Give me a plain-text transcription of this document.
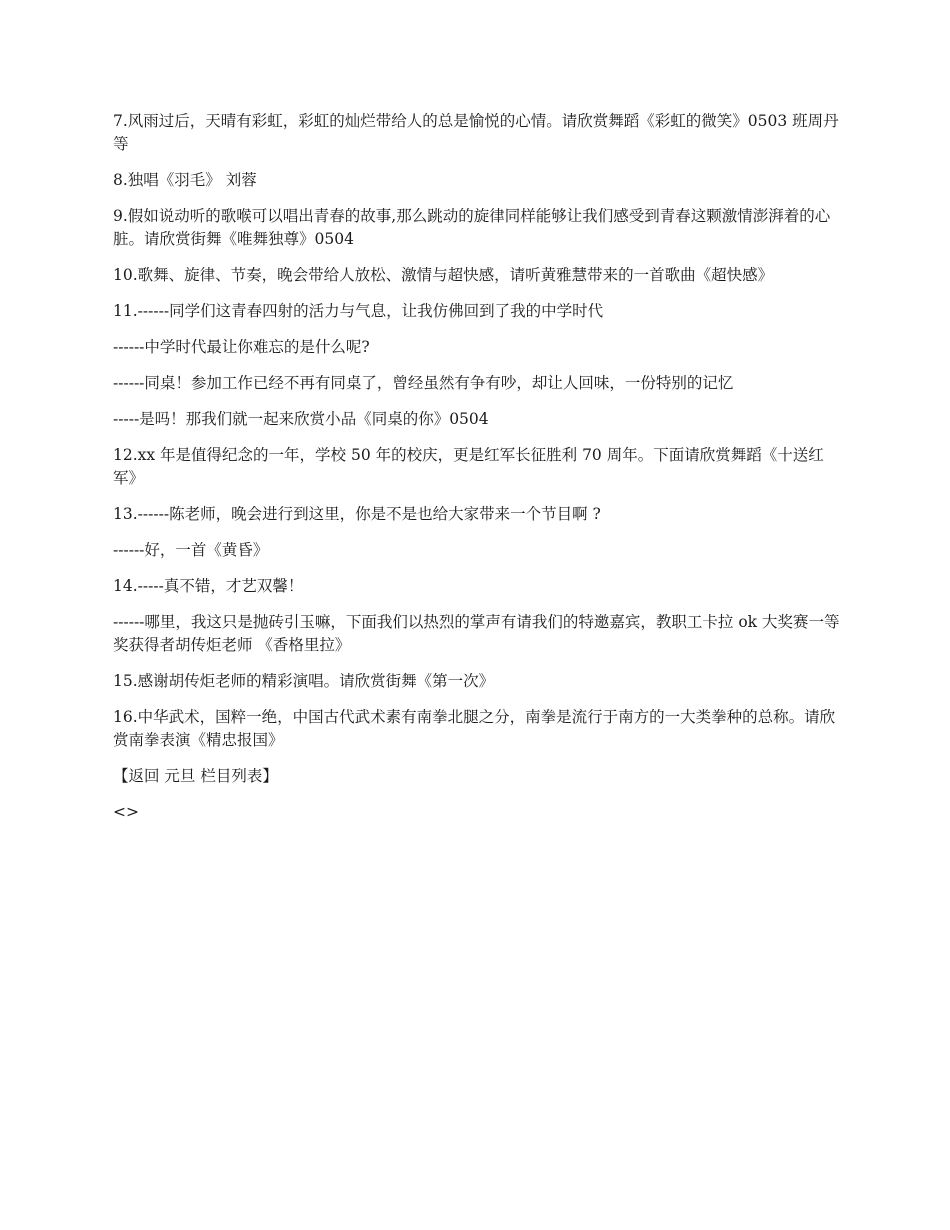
7.风雨过后，天晴有彩虹，彩虹的灿烂带给人的总是愉悦的心情。请欣赏舞蹈《彩虹的微笑》0503 班周丹等

8.独唱《羽毛》 刘蓉

9.假如说动听的歌喉可以唱出青春的故事,那么跳动的旋律同样能够让我们感受到青春这颗激情澎湃着的心脏。请欣赏街舞《唯舞独尊》0504

10.歌舞、旋律、节奏，晚会带给人放松、激情与超快感，请听黄雅慧带来的一首歌曲《超快感》

11.------同学们这青春四射的活力与气息，让我仿佛回到了我的中学时代

------中学时代最让你难忘的是什么呢?

------同桌！参加工作已经不再有同桌了，曾经虽然有争有吵，却让人回味，一份特别的记忆

-----是吗！那我们就一起来欣赏小品《同桌的你》0504

12.xx 年是值得纪念的一年，学校 50 年的校庆，更是红军长征胜利 70 周年。下面请欣赏舞蹈《十送红军》

13.------陈老师，晚会进行到这里，你是不是也给大家带来一个节目啊 ?

------好，一首《黄昏》

14.-----真不错，才艺双馨！

------哪里，我这只是抛砖引玉嘛，下面我们以热烈的掌声有请我们的特邀嘉宾，教职工卡拉 ok 大奖赛一等奖获得者胡传炬老师 《香格里拉》

15.感谢胡传炬老师的精彩演唱。请欣赏街舞《第一次》

16.中华武术，国粹一绝，中国古代武术素有南拳北腿之分，南拳是流行于南方的一大类拳种的总称。请欣赏南拳表演《精忠报国》

【返回 元旦 栏目列表】

<>
